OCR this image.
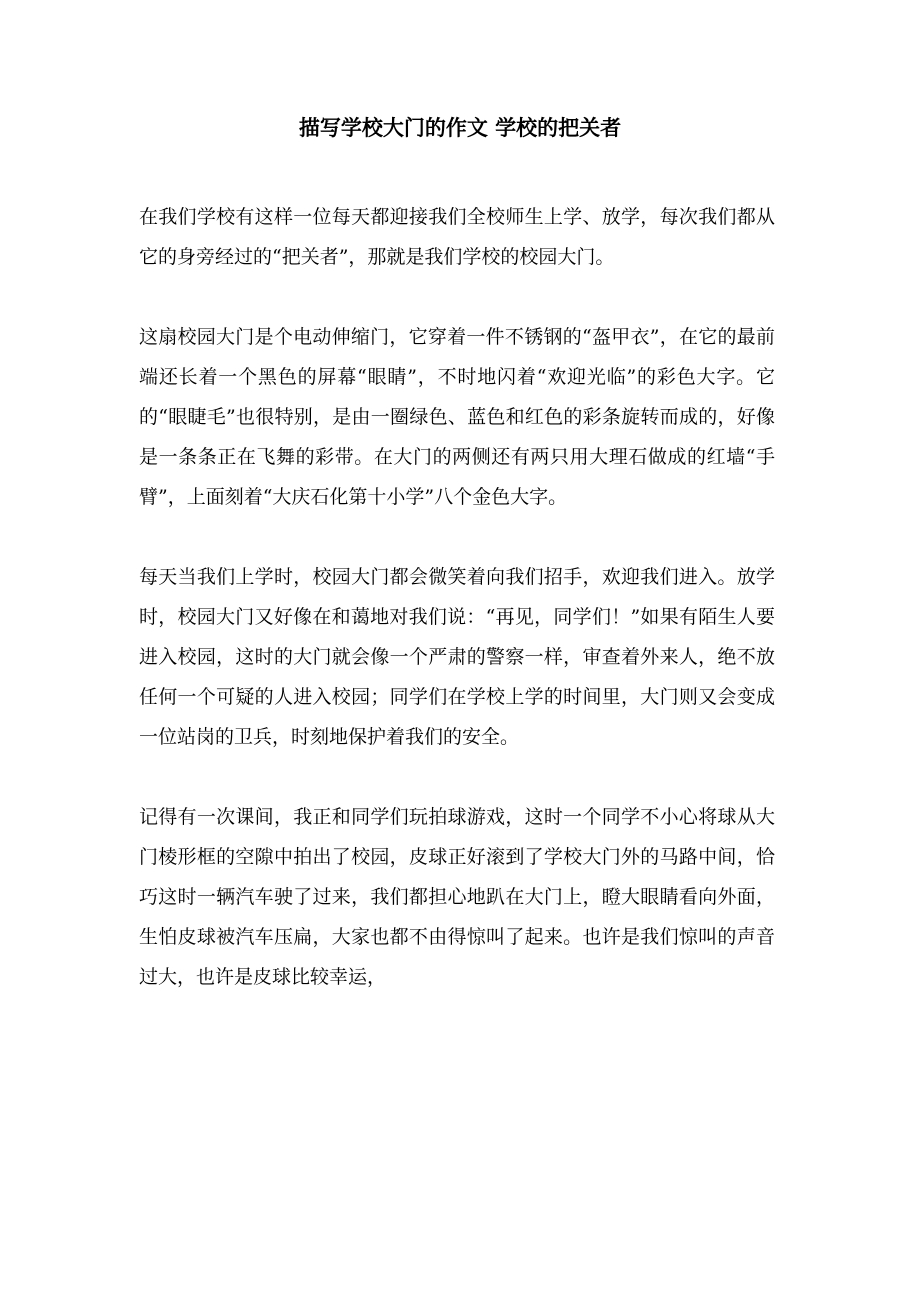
描写学校大门的作文 学校的把关者

在我们学校有这样一位每天都迎接我们全校师生上学、放学，每次我们都从它的身旁经过的“把关者”，那就是我们学校的校园大门。

这扇校园大门是个电动伸缩门，它穿着一件不锈钢的“盔甲衣”，在它的最前端还长着一个黑色的屏幕“眼睛”，不时地闪着“欢迎光临”的彩色大字。它的“眼睫毛”也很特别，是由一圈绿色、蓝色和红色的彩条旋转而成的，好像是一条条正在飞舞的彩带。在大门的两侧还有两只用大理石做成的红墙“手臂”，上面刻着“大庆石化第十小学”八个金色大字。

每天当我们上学时，校园大门都会微笑着向我们招手，欢迎我们进入。放学时，校园大门又好像在和蔼地对我们说：“再见，同学们！”如果有陌生人要进入校园，这时的大门就会像一个严肃的警察一样，审查着外来人，绝不放任何一个可疑的人进入校园；同学们在学校上学的时间里，大门则又会变成一位站岗的卫兵，时刻地保护着我们的安全。

记得有一次课间，我正和同学们玩拍球游戏，这时一个同学不小心将球从大门棱形框的空隙中拍出了校园，皮球正好滚到了学校大门外的马路中间，恰巧这时一辆汽车驶了过来，我们都担心地趴在大门上，瞪大眼睛看向外面，生怕皮球被汽车压扁，大家也都不由得惊叫了起来。也许是我们惊叫的声音过大，也许是皮球比较幸运，
